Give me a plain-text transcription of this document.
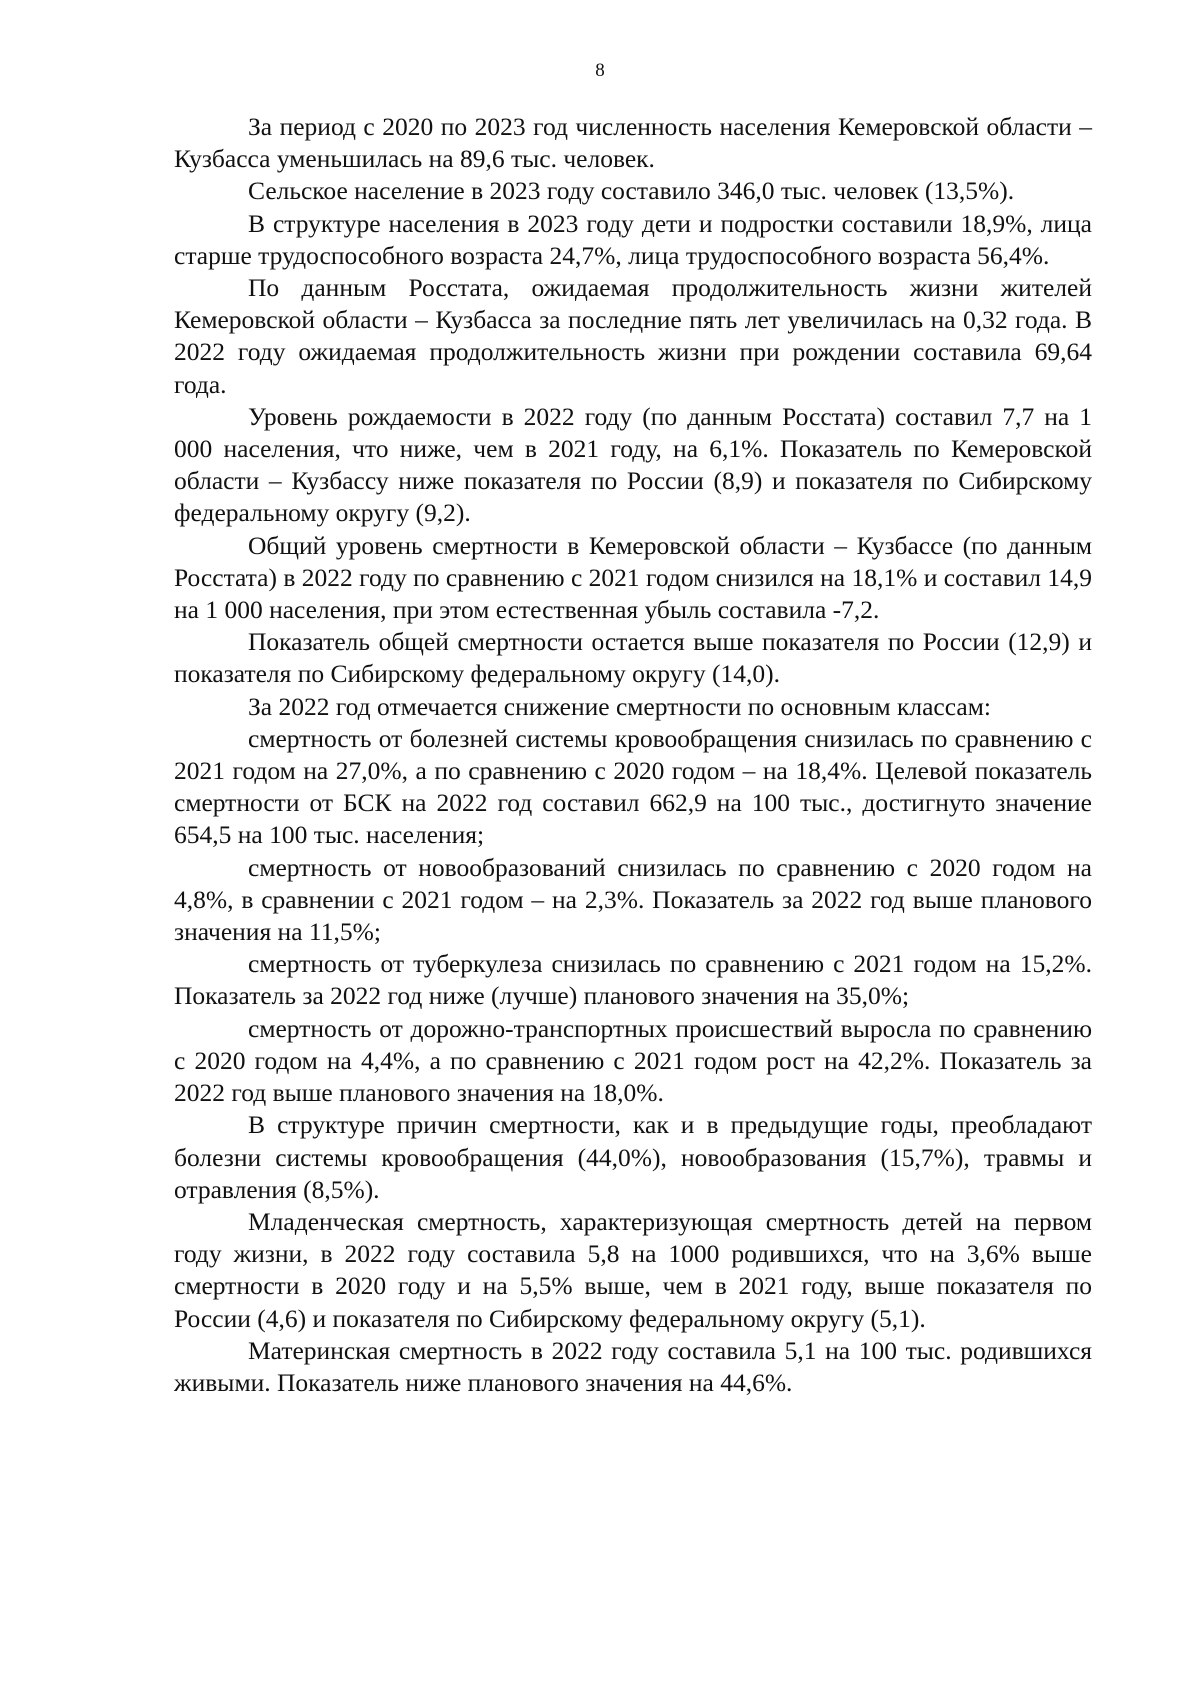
8

За период с 2020 по 2023 год численность населения Кемеровской области – Кузбасса уменьшилась на 89,6 тыс. человек.

Сельское население в 2023 году составило 346,0 тыс. человек (13,5%).

В структуре населения в 2023 году дети и подростки составили 18,9%, лица старше трудоспособного возраста 24,7%, лица трудоспособного возраста 56,4%.

По данным Росстата, ожидаемая продолжительность жизни жителей Кемеровской области – Кузбасса за последние пять лет увеличилась на 0,32 года. В 2022 году ожидаемая продолжительность жизни при рождении составила 69,64 года.

Уровень рождаемости в 2022 году (по данным Росстата) составил 7,7 на 1 000 населения, что ниже, чем в 2021 году, на 6,1%. Показатель по Кемеровской области – Кузбассу ниже показателя по России (8,9) и показателя по Сибирскому федеральному округу (9,2).

Общий уровень смертности в Кемеровской области – Кузбассе (по данным Росстата) в 2022 году по сравнению с 2021 годом снизился на 18,1% и составил 14,9 на 1 000 населения, при этом естественная убыль составила -7,2.

Показатель общей смертности остается выше показателя по России (12,9) и показателя по Сибирскому федеральному округу (14,0).

За 2022 год отмечается снижение смертности по основным классам:

смертность от болезней системы кровообращения снизилась по сравнению с 2021 годом на 27,0%, а по сравнению с 2020 годом – на 18,4%. Целевой показатель смертности от БСК на 2022 год составил 662,9 на 100 тыс., достигнуто значение 654,5 на 100 тыс. населения;

смертность от новообразований снизилась по сравнению с 2020 годом на 4,8%, в сравнении с 2021 годом – на 2,3%. Показатель за 2022 год выше планового значения на 11,5%;

смертность от туберкулеза снизилась по сравнению с 2021 годом на 15,2%. Показатель за 2022 год ниже (лучше) планового значения на 35,0%;

смертность от дорожно-транспортных происшествий выросла по сравнению с 2020 годом на 4,4%, а по сравнению с 2021 годом рост на 42,2%. Показатель за 2022 год выше планового значения на 18,0%.

В структуре причин смертности, как и в предыдущие годы, преобладают болезни системы кровообращения (44,0%), новообразования (15,7%), травмы и отравления (8,5%).

Младенческая смертность, характеризующая смертность детей на первом году жизни, в 2022 году составила 5,8 на 1000 родившихся, что на 3,6% выше смертности в 2020 году и на 5,5% выше, чем в 2021 году, выше показателя по России (4,6) и показателя по Сибирскому федеральному округу (5,1).

Материнская смертность в 2022 году составила 5,1 на 100 тыс. родившихся живыми. Показатель ниже планового значения на 44,6%.
